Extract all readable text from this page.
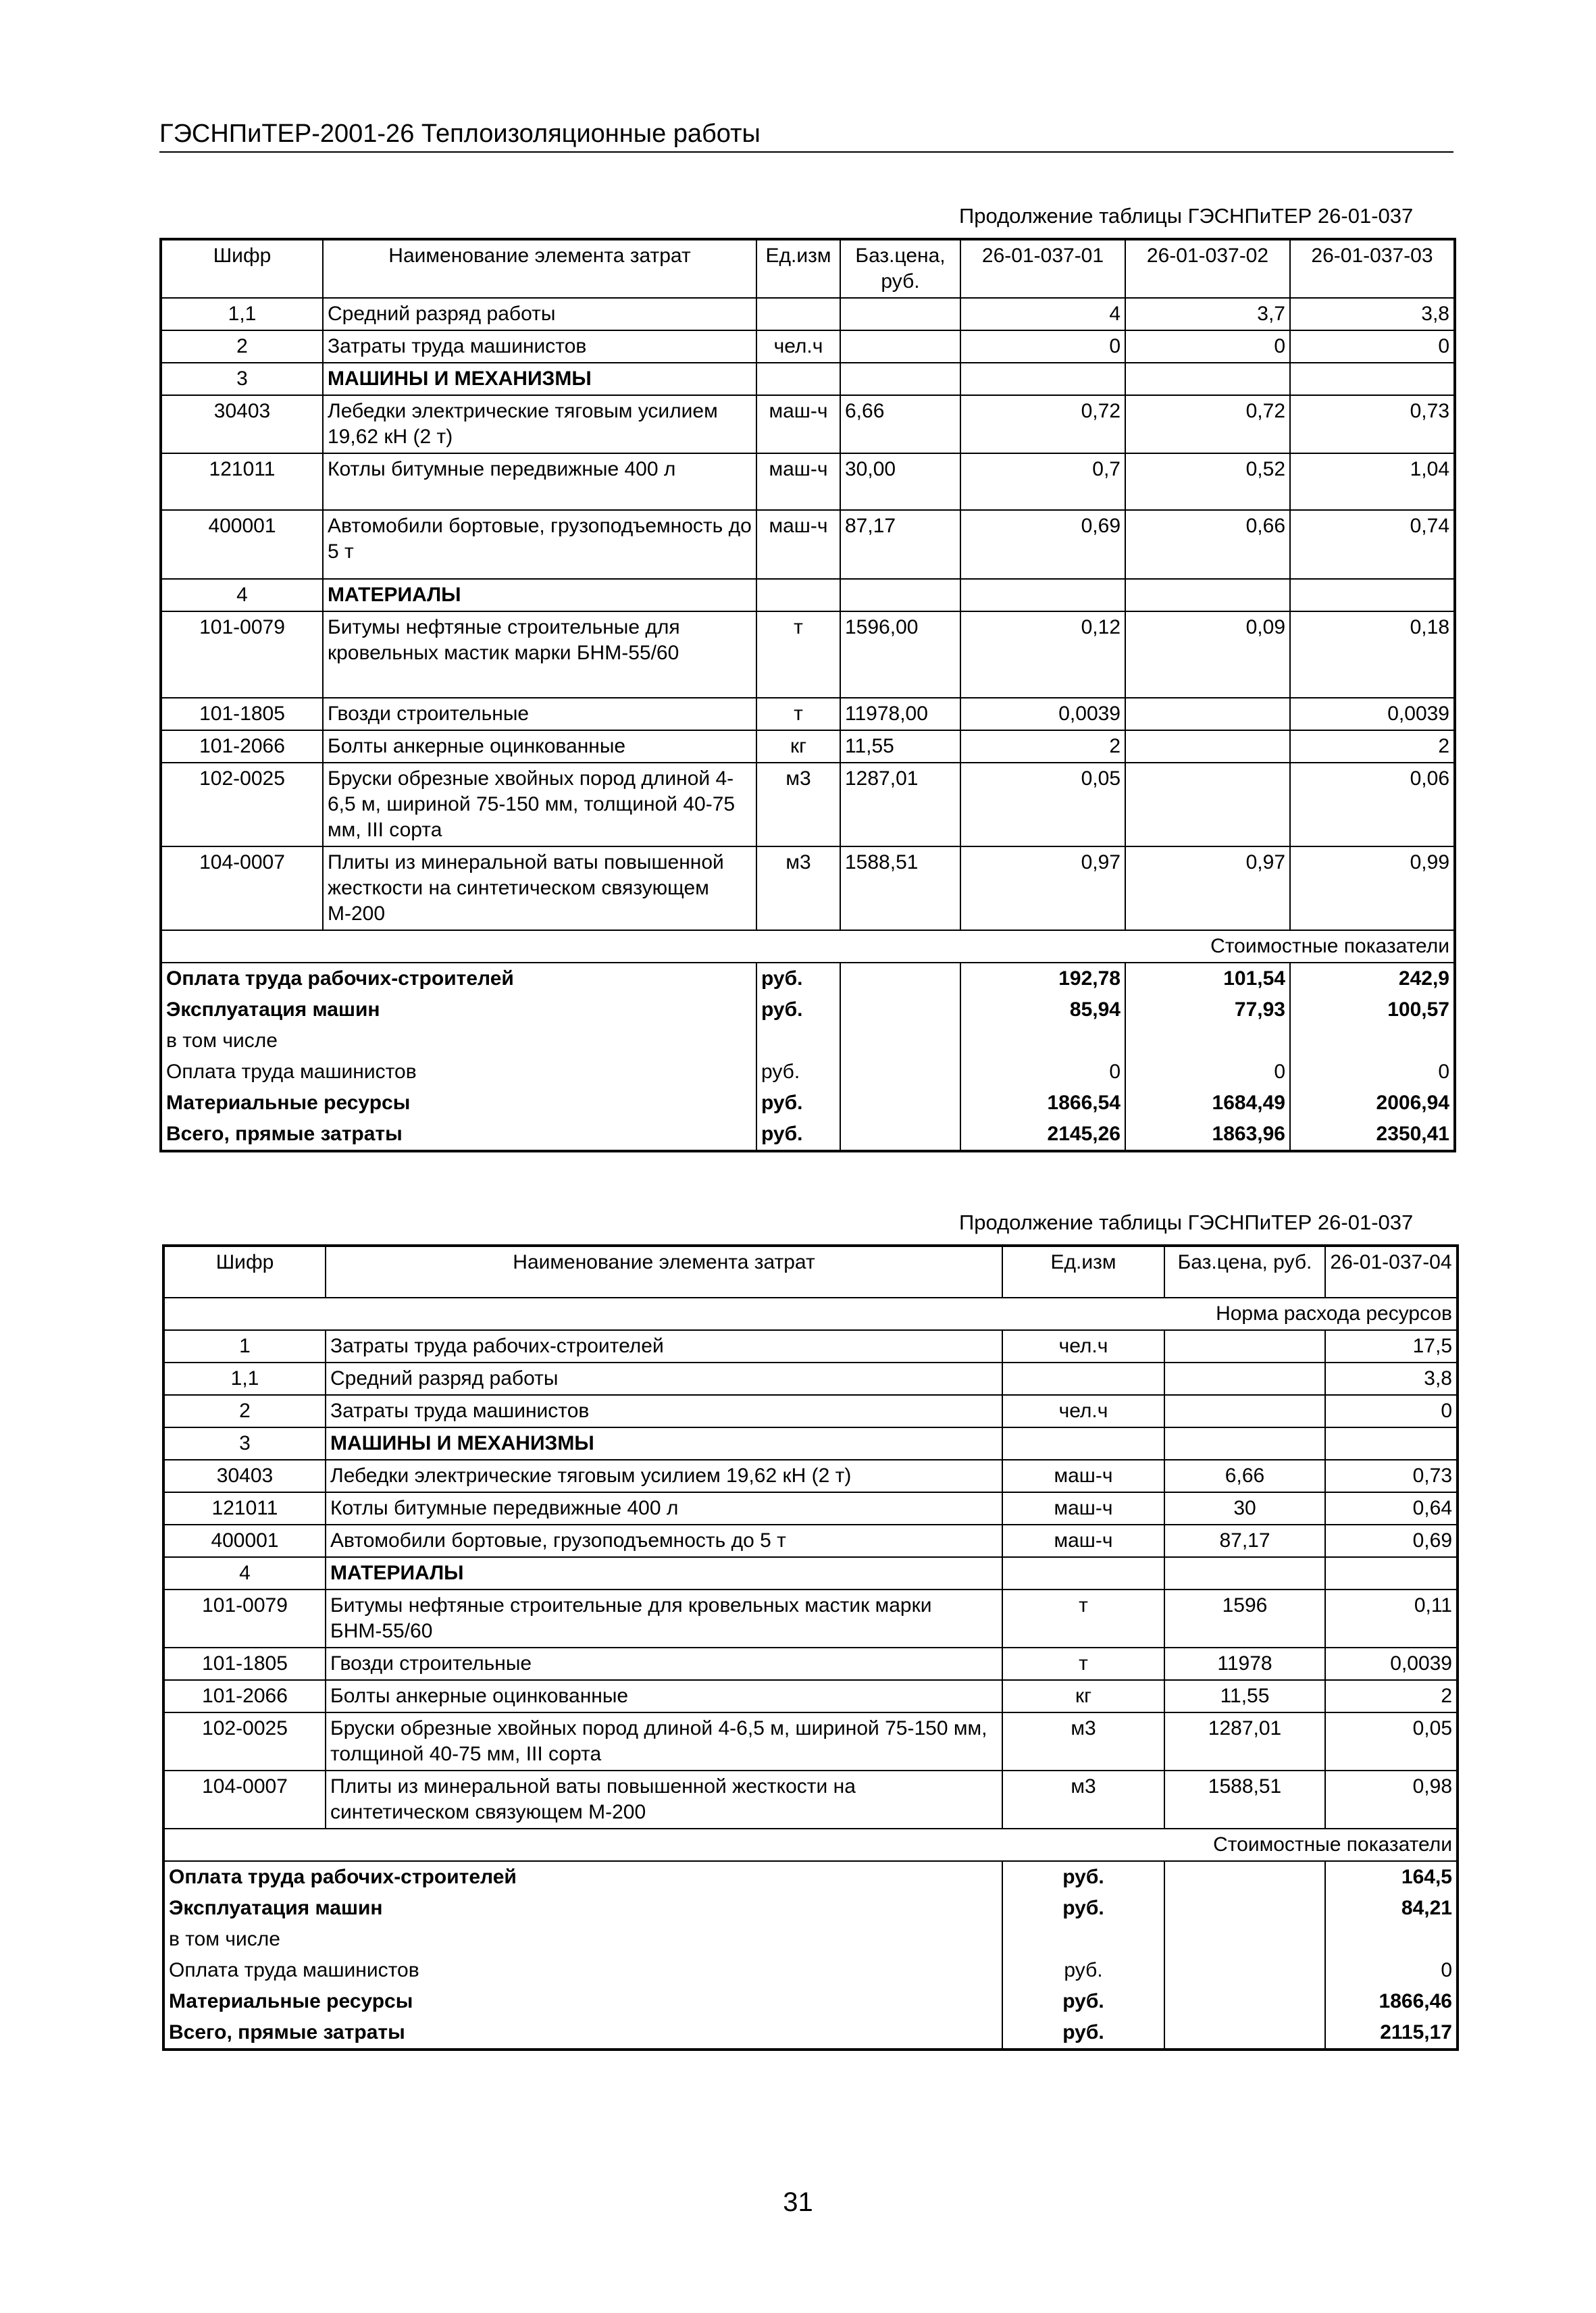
ГЭСНПиТЕР-2001-26 Теплоизоляционные работы
Продолжение таблицы ГЭСНПиТЕР 26-01-037
Шифр	Наименование элемента затрат	Ед.изм	Баз.цена, руб.	26-01-037-01	26-01-037-02	26-01-037-03
1,1	Средний разряд работы			4	3,7	3,8
2	Затраты труда машинистов	чел.ч		0	0	0
3	МАШИНЫ И МЕХАНИЗМЫ					
30403	Лебедки электрические тяговым усилием 19,62 кН (2 т)	маш-ч	6,66	0,72	0,72	0,73
121011	Котлы битумные передвижные 400 л	маш-ч	30,00	0,7	0,52	1,04
400001	Автомобили бортовые, грузоподъемность до 5 т	маш-ч	87,17	0,69	0,66	0,74
4	МАТЕРИАЛЫ					
101-0079	Битумы нефтяные строительные для кровельных мастик марки БНМ-55/60	т	1596,00	0,12	0,09	0,18
101-1805	Гвозди строительные	т	11978,00	0,0039		0,0039
101-2066	Болты анкерные оцинкованные	кг	11,55	2		2
102-0025	Бруски обрезные хвойных пород длиной 4-6,5 м, шириной 75-150 мм, толщиной 40-75 мм, III сорта	м3	1287,01	0,05		0,06
104-0007	Плиты из минеральной ваты повышенной жесткости на синтетическом связующем М-200	м3	1588,51	0,97	0,97	0,99
Стоимостные показатели						
Оплата труда рабочих-строителей		руб.		192,78	101,54	242,9
Эксплуатация машин		руб.		85,94	77,93	100,57
в том числе						
Оплата труда машинистов		руб.		0	0	0
Материальные ресурсы		руб.		1866,54	1684,49	2006,94
Всего, прямые затраты		руб.		2145,26	1863,96	2350,41
Продолжение таблицы ГЭСНПиТЕР 26-01-037
Шифр	Наименование элемента затрат	Ед.изм	Баз.цена, руб.	26-01-037-04
Норма расхода ресурсов				
1	Затраты труда рабочих-строителей	чел.ч		17,5
1,1	Средний разряд работы			3,8
2	Затраты труда машинистов	чел.ч		0
3	МАШИНЫ И МЕХАНИЗМЫ			
30403	Лебедки электрические тяговым усилием 19,62 кН (2 т)	маш-ч	6,66	0,73
121011	Котлы битумные передвижные 400 л	маш-ч	30	0,64
400001	Автомобили бортовые, грузоподъемность до 5 т	маш-ч	87,17	0,69
4	МАТЕРИАЛЫ			
101-0079	Битумы нефтяные строительные для кровельных мастик марки БНМ-55/60	т	1596	0,11
101-1805	Гвозди строительные	т	11978	0,0039
101-2066	Болты анкерные оцинкованные	кг	11,55	2
102-0025	Бруски обрезные хвойных пород длиной 4-6,5 м, шириной 75-150 мм, толщиной 40-75 мм, III сорта	м3	1287,01	0,05
104-0007	Плиты из минеральной ваты повышенной жесткости на синтетическом связующем М-200	м3	1588,51	0,98
Стоимостные показатели				
Оплата труда рабочих-строителей		руб.		164,5
Эксплуатация машин		руб.		84,21
в том числе				
Оплата труда машинистов		руб.		0
Материальные ресурсы		руб.		1866,46
Всего, прямые затраты		руб.		2115,17
31
